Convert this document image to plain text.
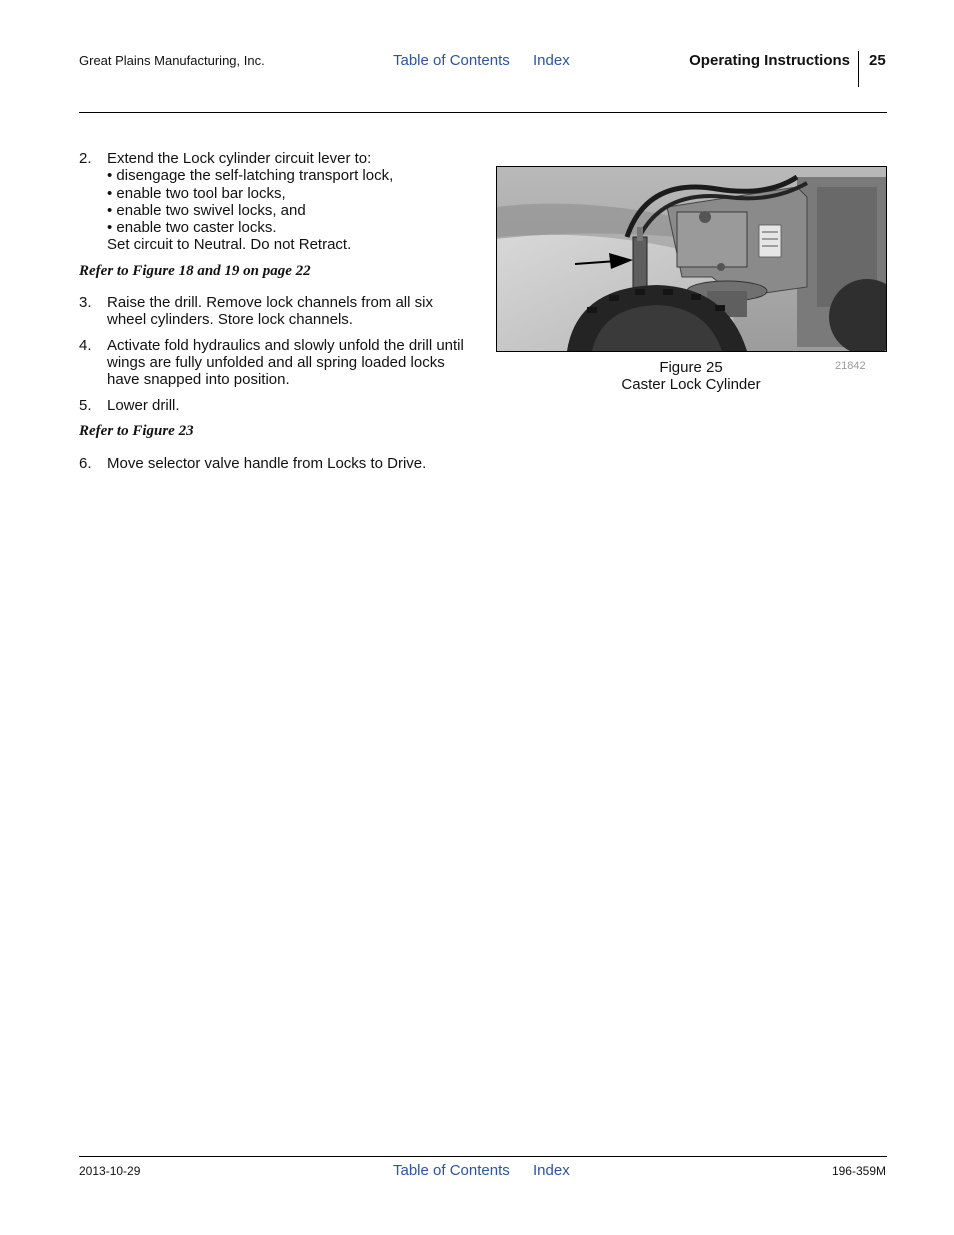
Great Plains Manufacturing, Inc.	Table of Contents Index	Operating Instructions 25
2. Extend the Lock cylinder circuit lever to:
• disengage the self-latching transport lock,
• enable two tool bar locks,
• enable two swivel locks, and
• enable two caster locks.
Set circuit to Neutral. Do not Retract.
Refer to Figure 18 and 19 on page 22
3. Raise the drill. Remove lock channels from all six wheel cylinders. Store lock channels.
4. Activate fold hydraulics and slowly unfold the drill until wings are fully unfolded and all spring loaded locks have snapped into position.
5. Lower drill.
Refer to Figure 23
6. Move selector valve handle from Locks to Drive.
Figure 25
Caster Lock Cylinder
21842
2013-10-29	Table of Contents Index	196-359M
